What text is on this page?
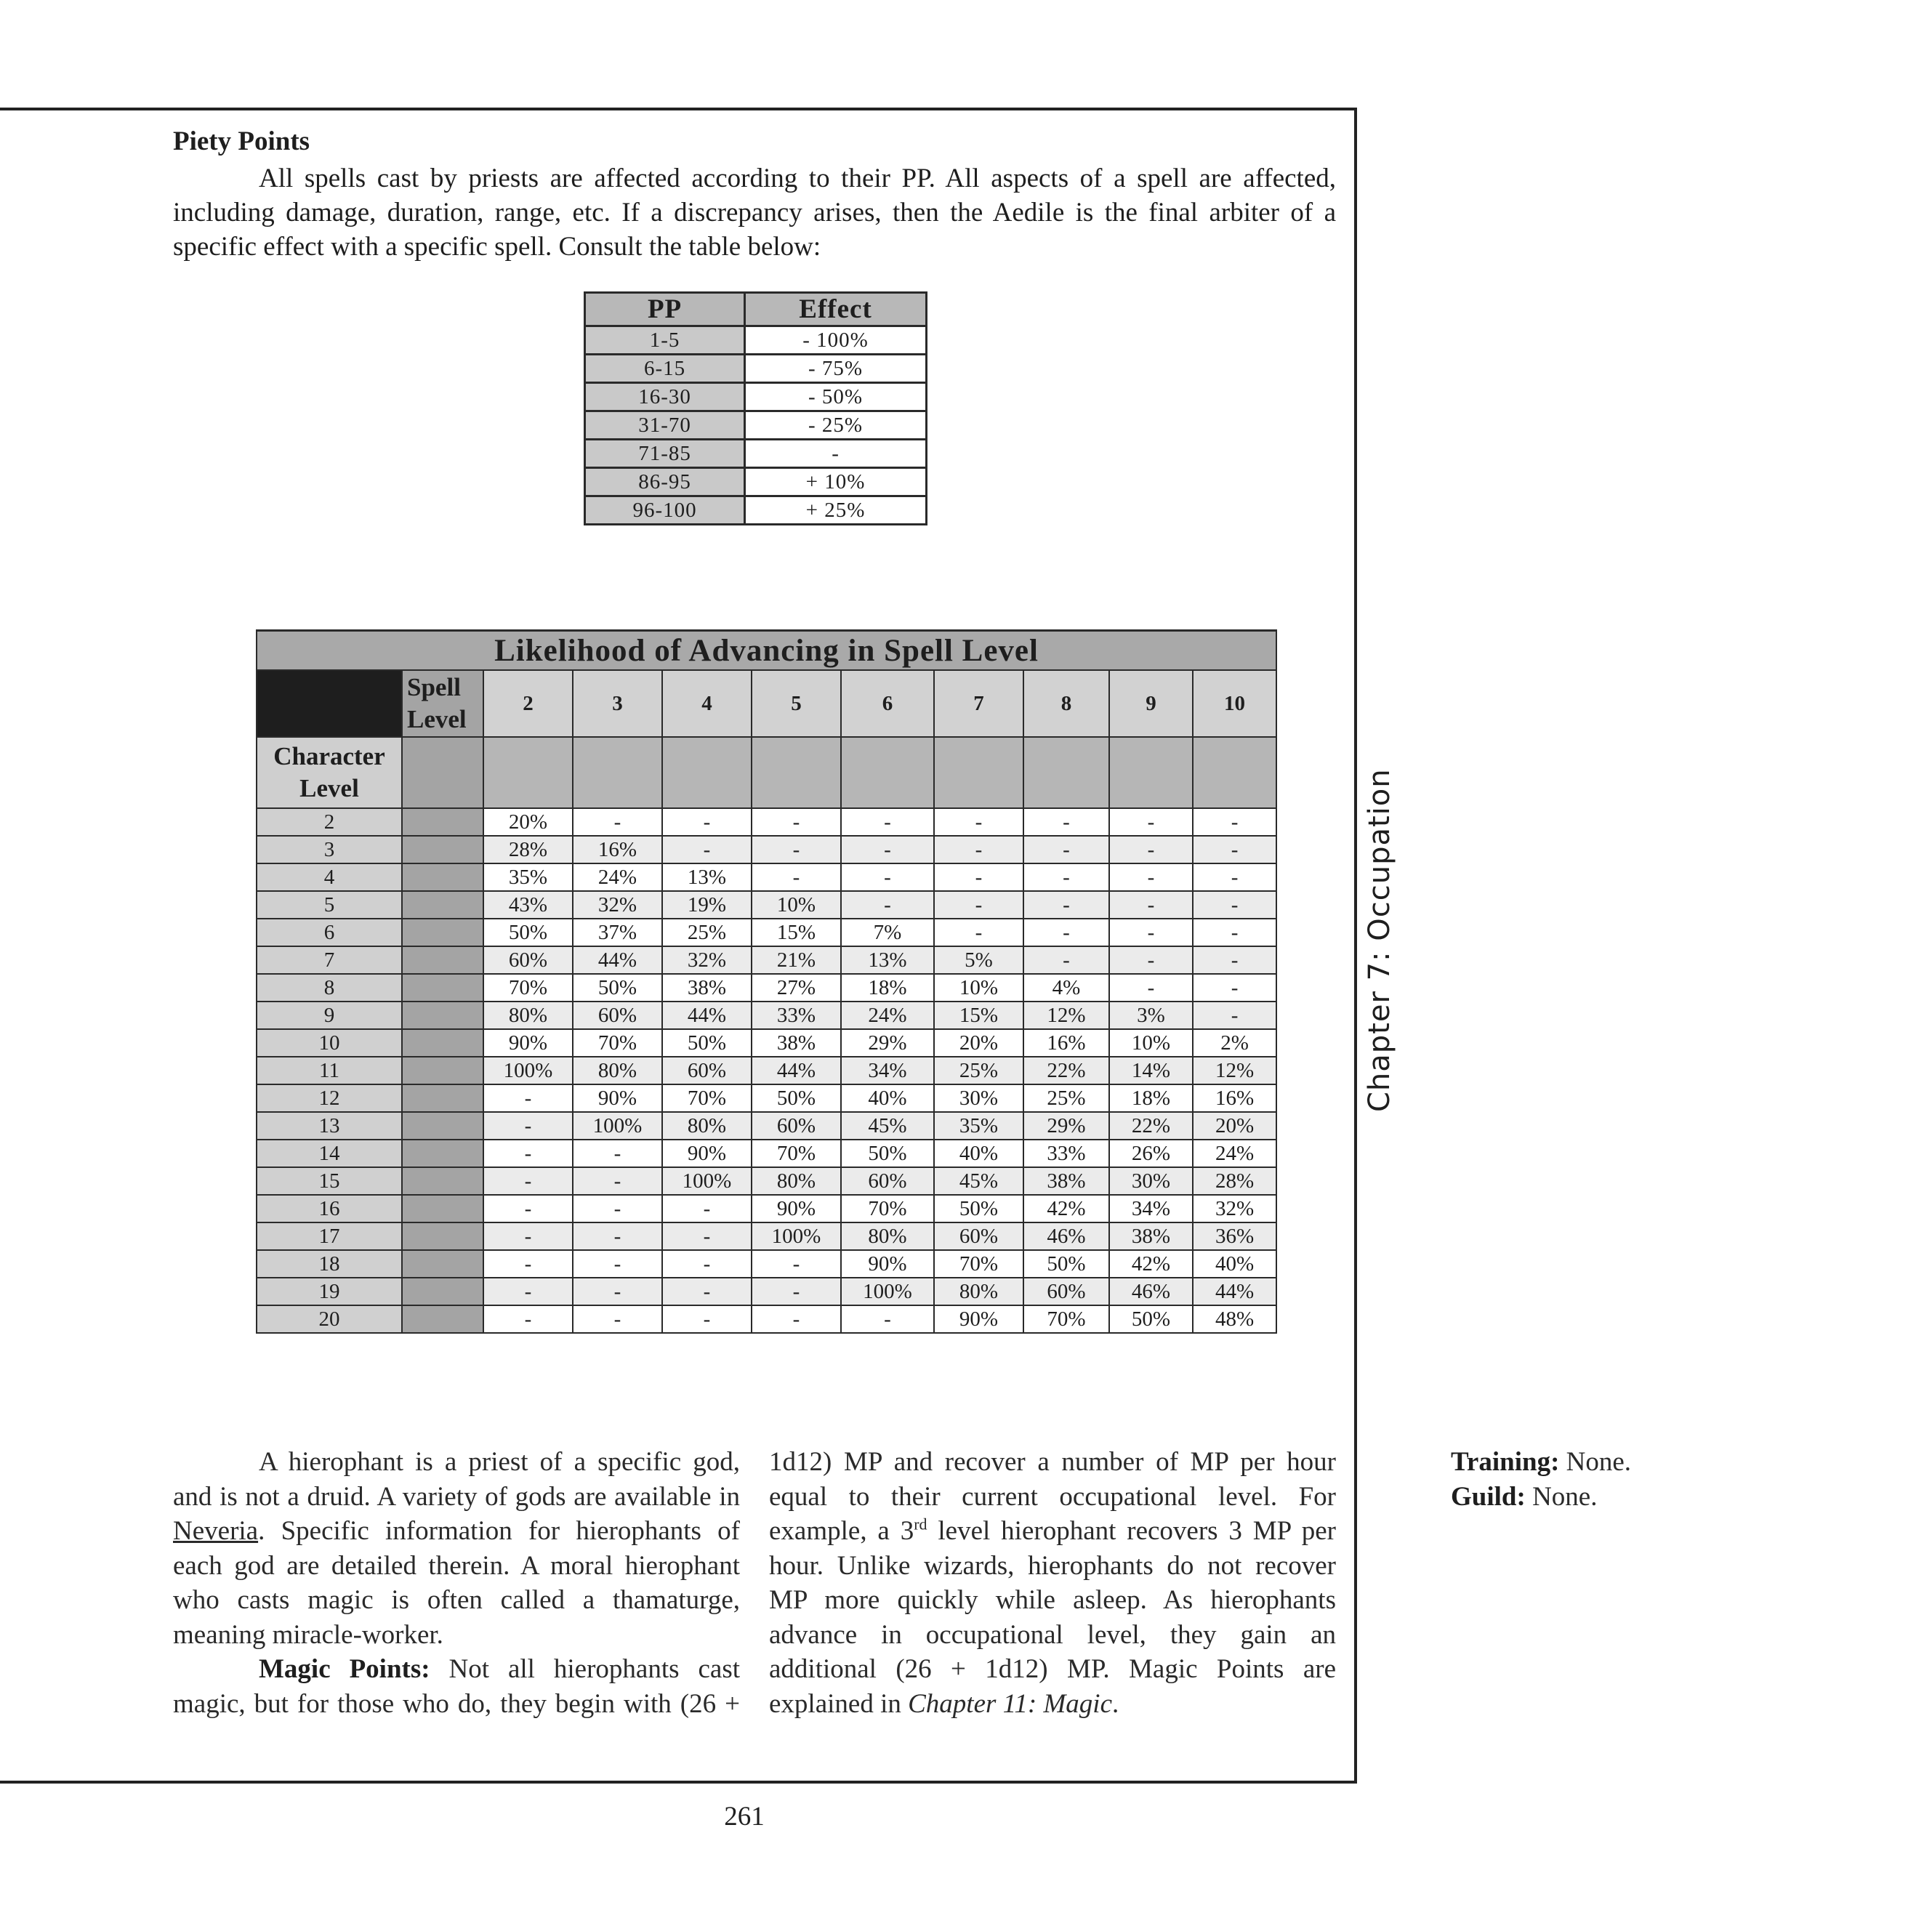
Chapter 7: Occupation
Piety Points
All spells cast by priests are affected according to their PP. All aspects of a spell are affected, including damage, duration, range, etc. If a discrepancy arises, then the Aedile is the final arbiter of a specific effect with a specific spell. Consult the table below:
PP	Effect
1-5	- 100%
6-15	- 75%
16-30	- 50%
31-70	- 25%
71-85	-
86-95	+ 10%
96-100	+ 25%
Likelihood of Advancing in Spell Level										
	Spell Level	2	3	4	5	6	7	8	9	10
Character Level										
2		20%	-	-	-	-	-	-	-	-
3		28%	16%	-	-	-	-	-	-	-
4		35%	24%	13%	-	-	-	-	-	-
5		43%	32%	19%	10%	-	-	-	-	-
6		50%	37%	25%	15%	7%	-	-	-	-
7		60%	44%	32%	21%	13%	5%	-	-	-
8		70%	50%	38%	27%	18%	10%	4%	-	-
9		80%	60%	44%	33%	24%	15%	12%	3%	-
10		90%	70%	50%	38%	29%	20%	16%	10%	2%
11		100%	80%	60%	44%	34%	25%	22%	14%	12%
12		-	90%	70%	50%	40%	30%	25%	18%	16%
13		-	100%	80%	60%	45%	35%	29%	22%	20%
14		-	-	90%	70%	50%	40%	33%	26%	24%
15		-	-	100%	80%	60%	45%	38%	30%	28%
16		-	-	-	90%	70%	50%	42%	34%	32%
17		-	-	-	100%	80%	60%	46%	38%	36%
18		-	-	-	-	90%	70%	50%	42%	40%
19		-	-	-	-	100%	80%	60%	46%	44%
20		-	-	-	-	-	90%	70%	50%	48%

A hierophant is a priest of a specific god, and is not a druid. A variety of gods are available in Neveria. Specific information for hierophants of each god are detailed therein. A moral hierophant who casts magic is often called a thamaturge, meaning miracle-worker.

Magic Points: Not all hierophants cast magic, but for those who do, they begin with (26 + 1d12) MP and recover a number of MP per hour equal to their current occupational level. For example, a 3rd level hierophant recovers 3 MP per hour. Unlike wizards, hierophants do not recover MP more quickly while asleep. As hierophants advance in occupational level, they gain an additional (26 + 1d12) MP. Magic Points are explained in Chapter 11: Magic.

Training: None.

Guild: None.

261
